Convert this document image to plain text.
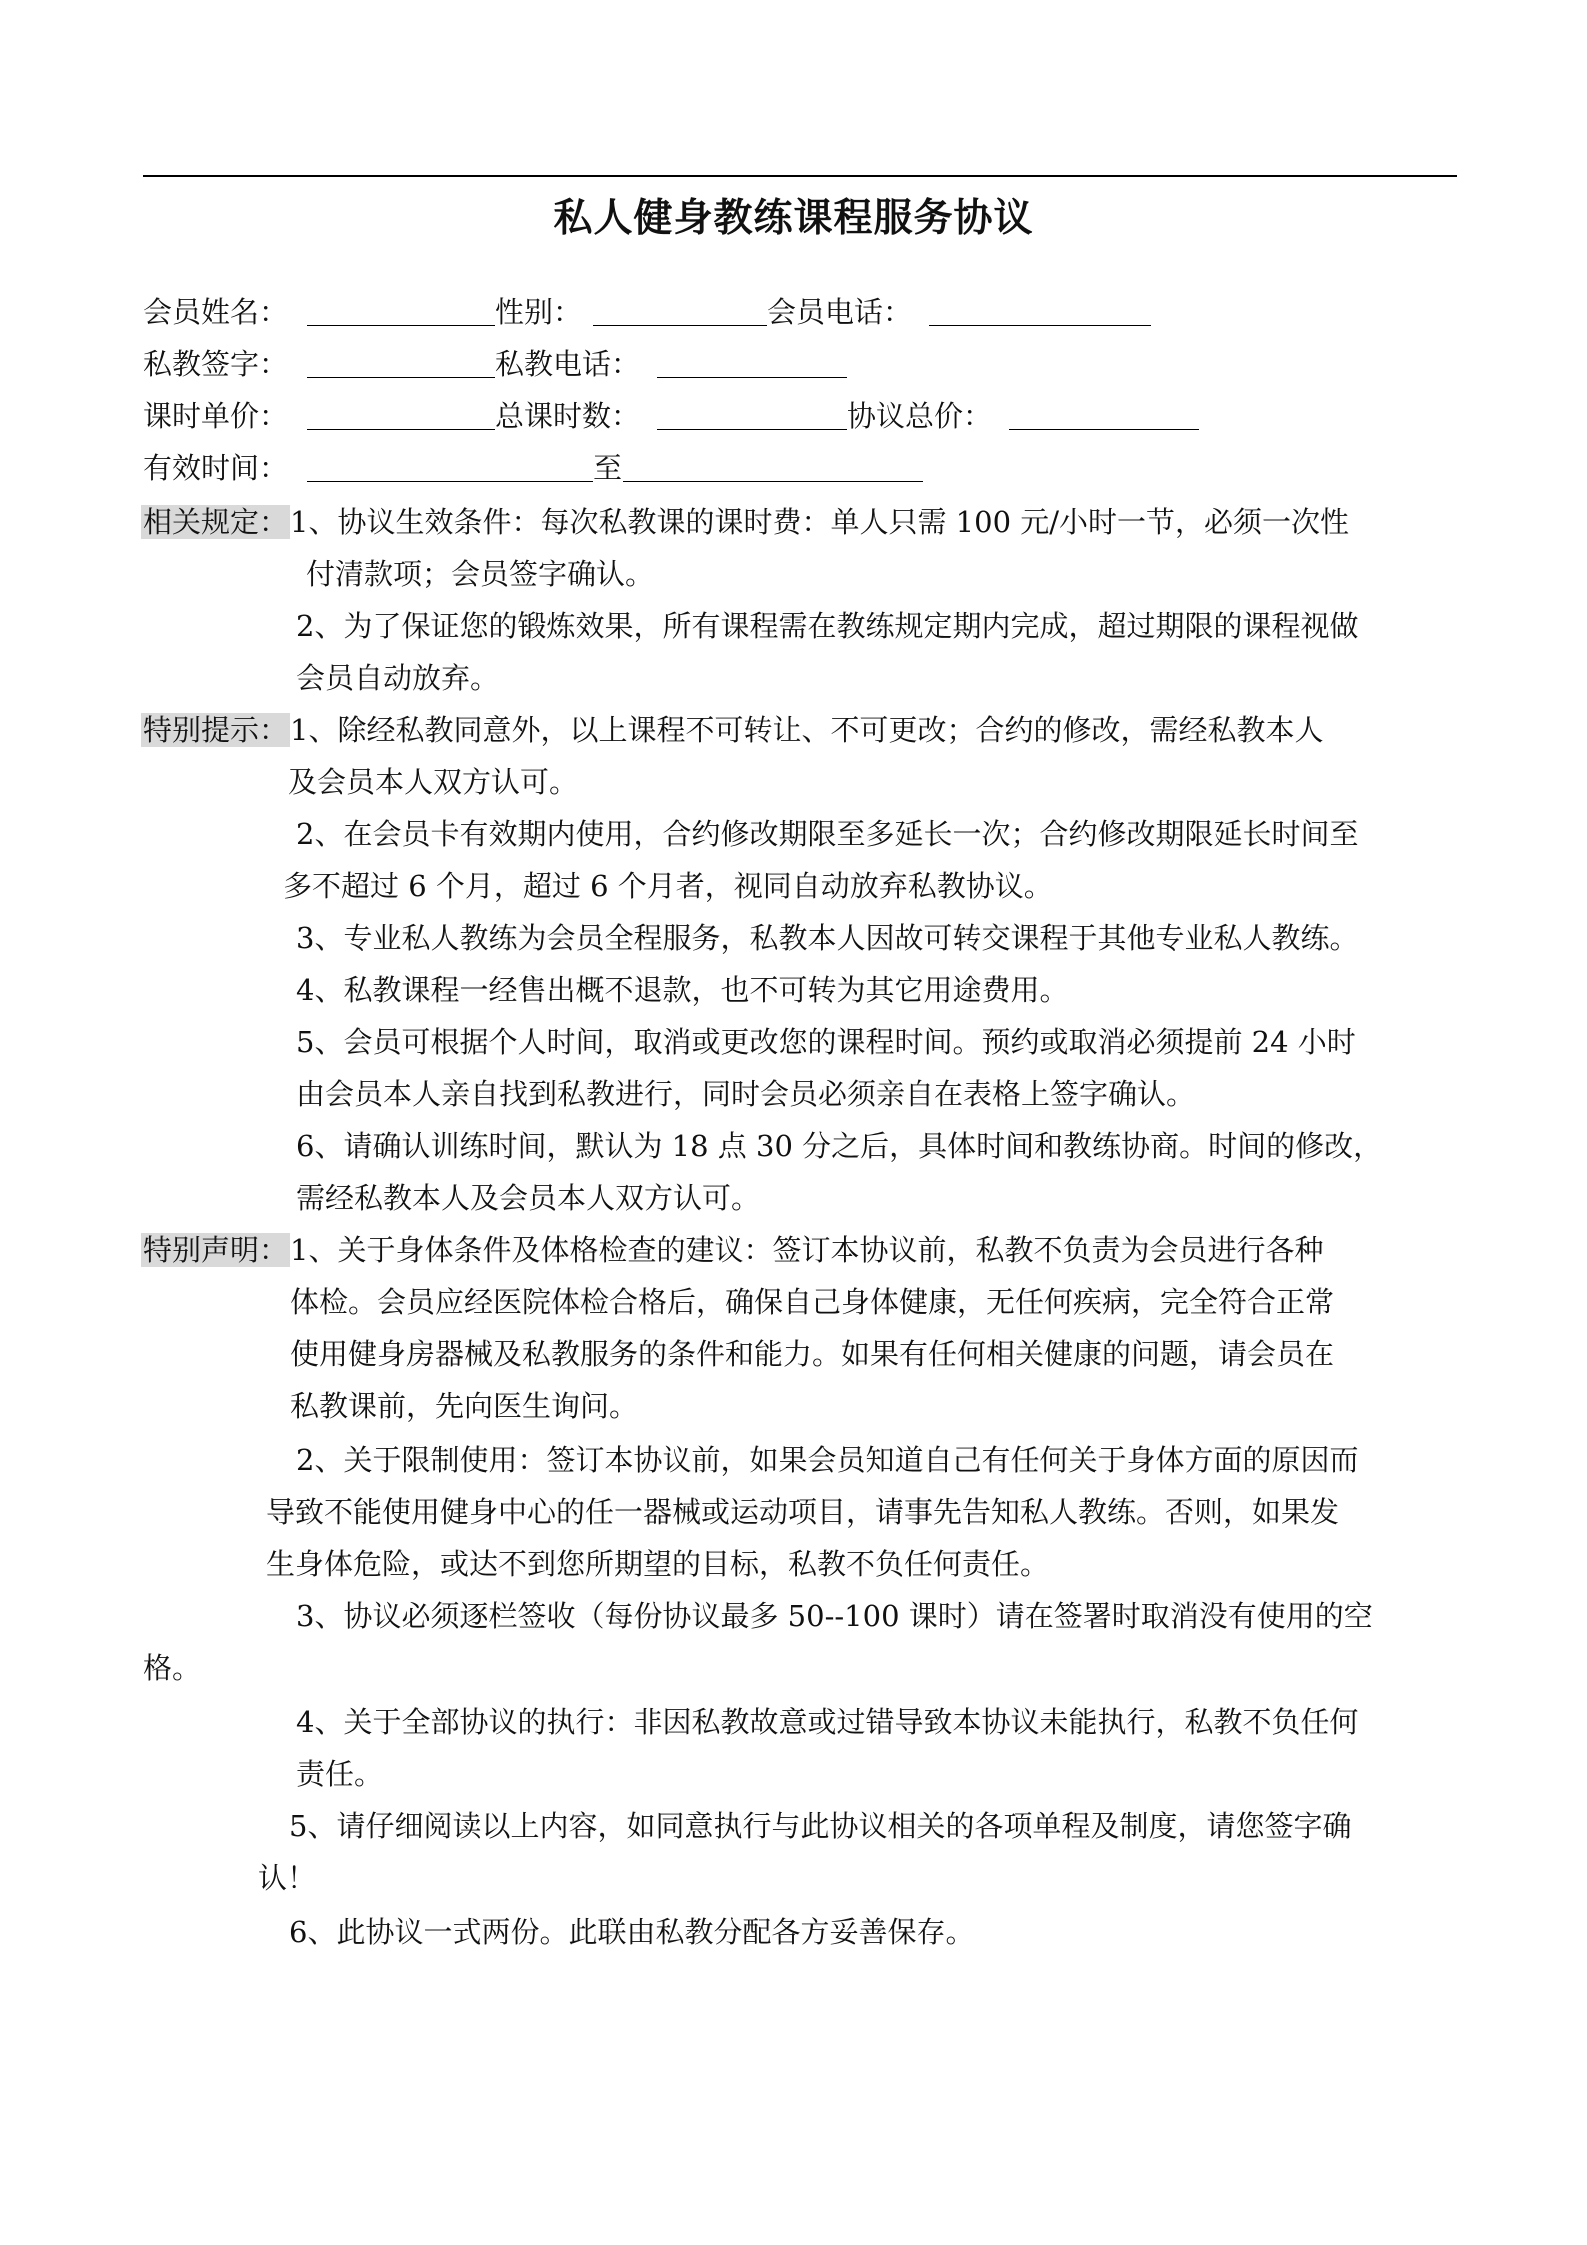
私人健身教练课程服务协议
会员姓名：	性别：	会员电话：
私教签字：	私教电话：
课时单价：	总课时数：	协议总价：
有效时间：	至
相关规定：1、协议生效条件：每次私教课的课时费：单人只需 100 元/小时一节，必须一次性
付清款项；会员签字确认。
2、为了保证您的锻炼效果，所有课程需在教练规定期内完成，超过期限的课程视做
会员自动放弃。
特别提示：1、除经私教同意外，以上课程不可转让、不可更改；合约的修改，需经私教本人
及会员本人双方认可。
2、在会员卡有效期内使用，合约修改期限至多延长一次；合约修改期限延长时间至
多不超过 6 个月，超过 6 个月者，视同自动放弃私教协议。
3、专业私人教练为会员全程服务，私教本人因故可转交课程于其他专业私人教练。
4、私教课程一经售出概不退款，也不可转为其它用途费用。
5、会员可根据个人时间，取消或更改您的课程时间。预约或取消必须提前 24 小时
由会员本人亲自找到私教进行，同时会员必须亲自在表格上签字确认。
6、请确认训练时间，默认为 18 点 30 分之后，具体时间和教练协商。时间的修改，
需经私教本人及会员本人双方认可。
特别声明：1、关于身体条件及体格检查的建议：签订本协议前，私教不负责为会员进行各种
体检。会员应经医院体检合格后，确保自己身体健康，无任何疾病，完全符合正常
使用健身房器械及私教服务的条件和能力。如果有任何相关健康的问题，请会员在
私教课前，先向医生询问。
2、关于限制使用：签订本协议前，如果会员知道自己有任何关于身体方面的原因而
导致不能使用健身中心的任一器械或运动项目，请事先告知私人教练。否则，如果发
生身体危险，或达不到您所期望的目标，私教不负任何责任。
3、协议必须逐栏签收（每份协议最多 50--100 课时）请在签署时取消没有使用的空
格。
4、关于全部协议的执行：非因私教故意或过错导致本协议未能执行，私教不负任何
责任。
5、请仔细阅读以上内容，如同意执行与此协议相关的各项单程及制度，请您签字确
认！
6、此协议一式两份。此联由私教分配各方妥善保存。
